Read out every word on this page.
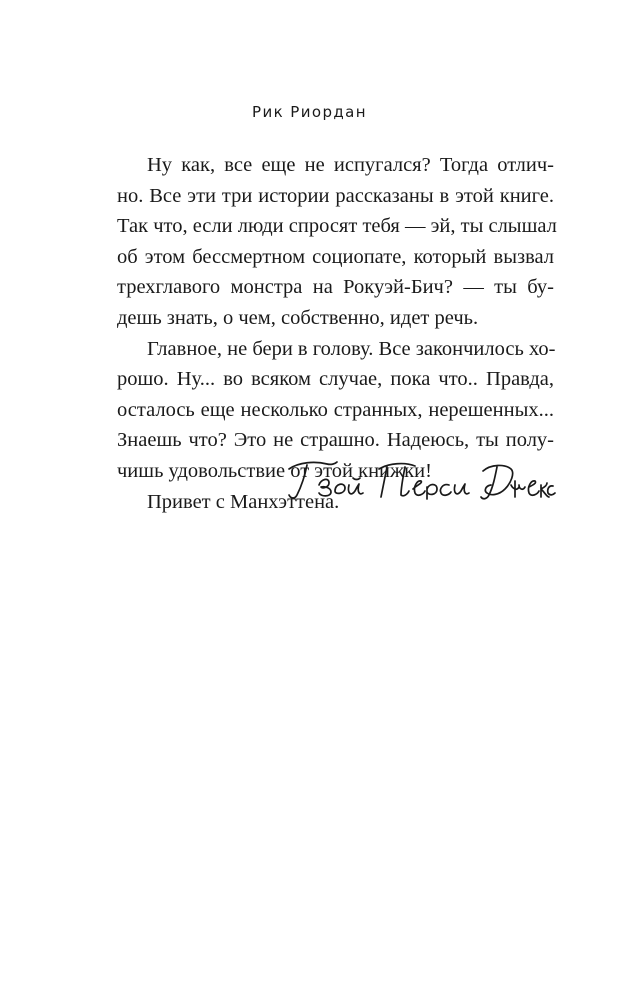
Рик Риордан
Ну как, все еще не испугался? Тогда отлич-
но. Все эти три истории рассказаны в этой книге.
Так что, если люди спросят тебя — эй, ты слышал
об этом бессмертном социопате, который вызвал
трехглавого монстра на Рокуэй-Бич? — ты бу-
дешь знать, о чем, собственно, идет речь.
Главное, не бери в голову. Все закончилось хо-
рошо. Ну... во всяком случае, пока что.. Правда,
осталось еще несколько странных, нерешенных...
Знаешь что? Это не страшно. Надеюсь, ты полу-
чишь удовольствие от этой книжки!
Привет с Манхэттена.
